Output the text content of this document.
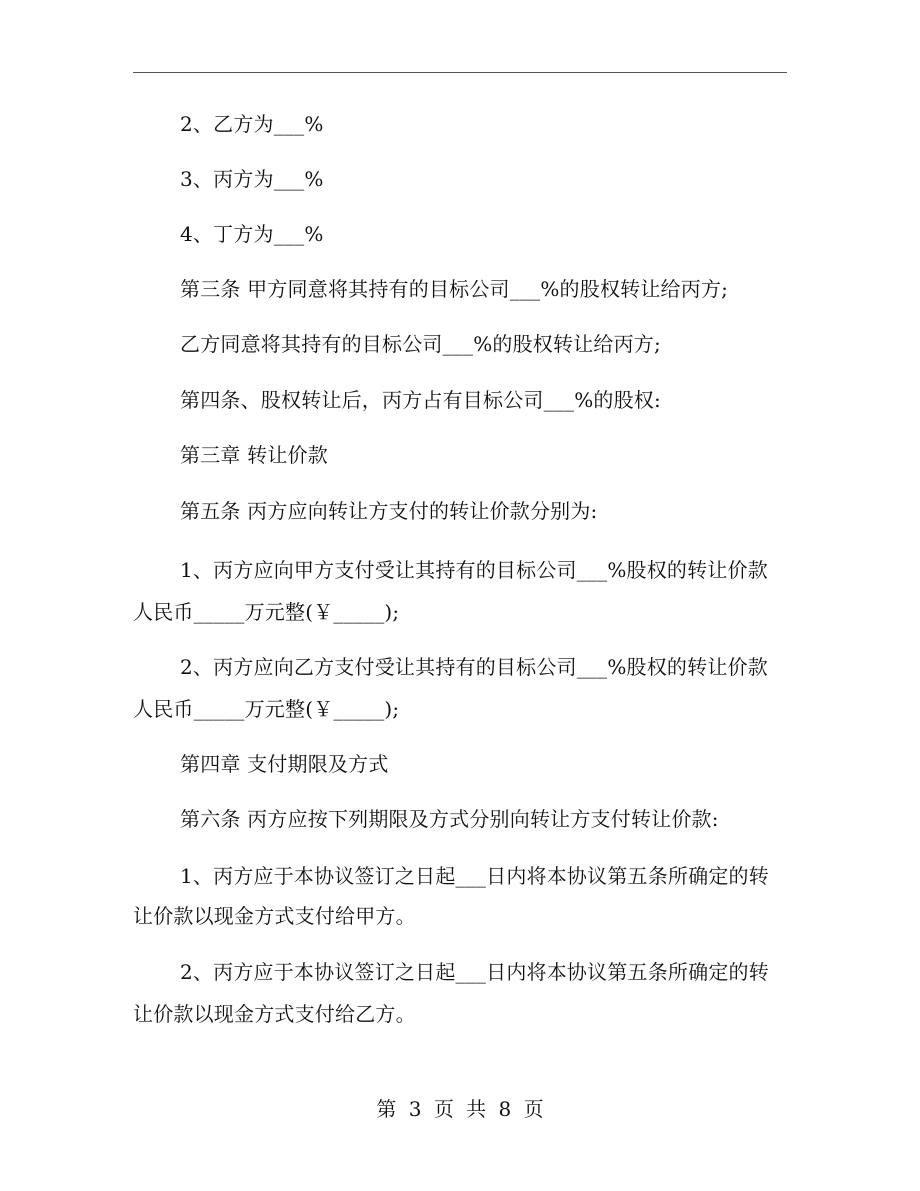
2、乙方为___%
3、丙方为___%
4、丁方为___%
第三条 甲方同意将其持有的目标公司___%的股权转让给丙方;
乙方同意将其持有的目标公司___%的股权转让给丙方;
第四条、股权转让后，丙方占有目标公司___%的股权:
第三章 转让价款
第五条 丙方应向转让方支付的转让价款分别为:
1、丙方应向甲方支付受让其持有的目标公司___%股权的转让价款
人民币_____万元整(￥_____);
2、丙方应向乙方支付受让其持有的目标公司___%股权的转让价款
人民币_____万元整(￥_____);
第四章 支付期限及方式
第六条 丙方应按下列期限及方式分别向转让方支付转让价款:
1、丙方应于本协议签订之日起___日内将本协议第五条所确定的转
让价款以现金方式支付给甲方。
2、丙方应于本协议签订之日起___日内将本协议第五条所确定的转
让价款以现金方式支付给乙方。
第 3 页 共 8 页
